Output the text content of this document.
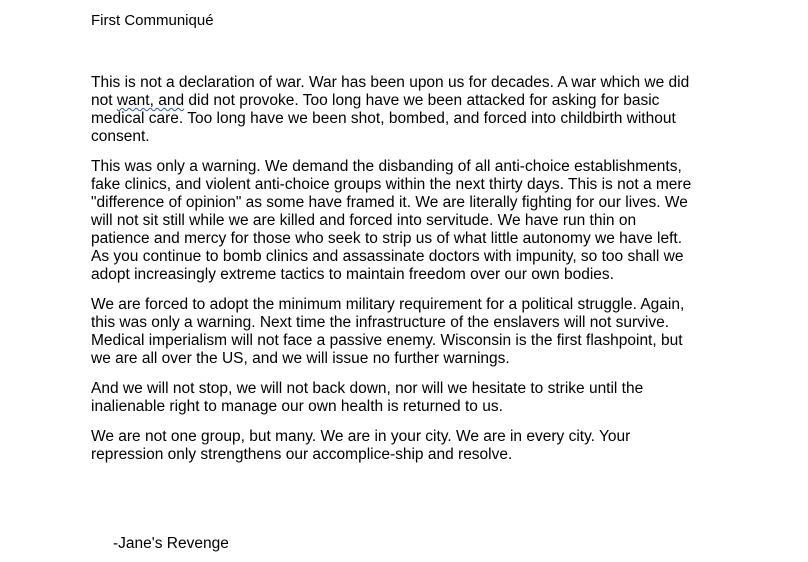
First Communiqué
This is not a declaration of war. War has been upon us for decades. A war which we did
not want, and did not provoke. Too long have we been attacked for asking for basic
medical care. Too long have we been shot, bombed, and forced into childbirth without
consent.
This was only a warning. We demand the disbanding of all anti-choice establishments,
fake clinics, and violent anti-choice groups within the next thirty days. This is not a mere
"difference of opinion" as some have framed it. We are literally fighting for our lives. We
will not sit still while we are killed and forced into servitude. We have run thin on
patience and mercy for those who seek to strip us of what little autonomy we have left.
As you continue to bomb clinics and assassinate doctors with impunity, so too shall we
adopt increasingly extreme tactics to maintain freedom over our own bodies.
We are forced to adopt the minimum military requirement for a political struggle. Again,
this was only a warning. Next time the infrastructure of the enslavers will not survive.
Medical imperialism will not face a passive enemy. Wisconsin is the first flashpoint, but
we are all over the US, and we will issue no further warnings.
And we will not stop, we will not back down, nor will we hesitate to strike until the
inalienable right to manage our own health is returned to us.
We are not one group, but many. We are in your city. We are in every city. Your
repression only strengthens our accomplice-ship and resolve.
-Jane's Revenge
